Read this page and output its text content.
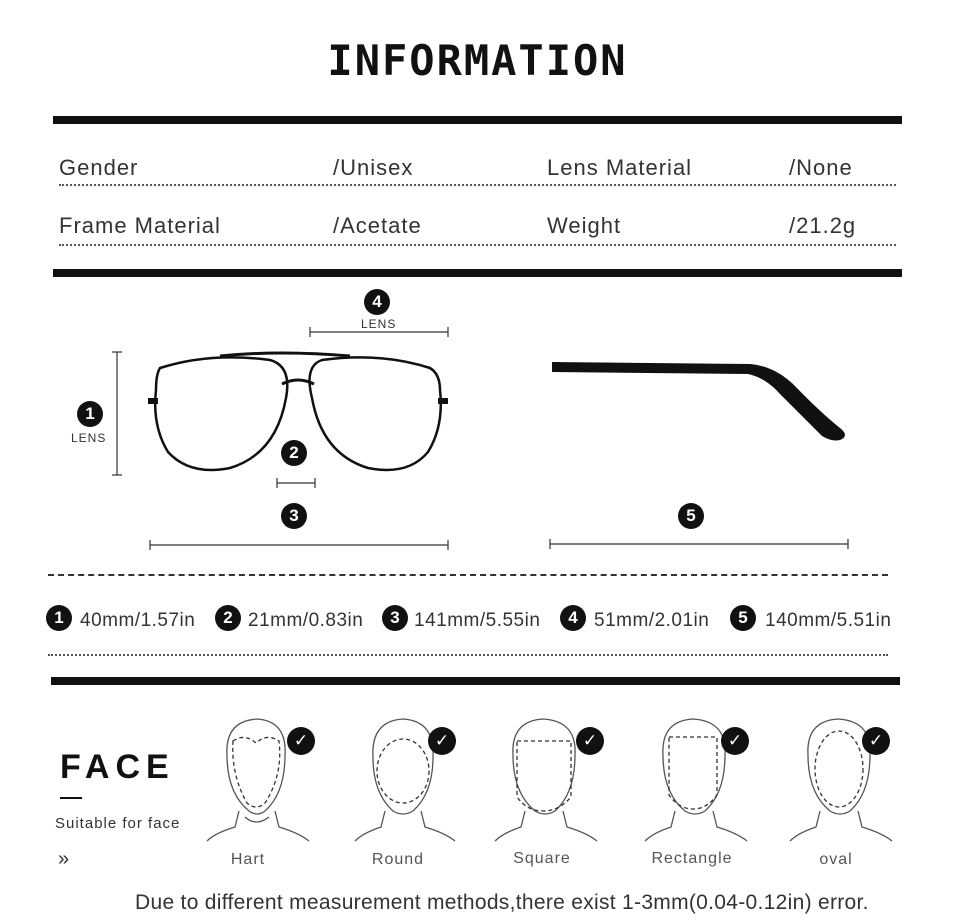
INFORMATION
Gender	/Unisex	Lens Material	/None
Frame Material	/Acetate	Weight	/21.2g
4
LENS
1
LENS
2
3	5
1 40mm/1.57in	2 21mm/0.83in	3 141mm/5.55in	4 51mm/2.01in	5 140mm/5.51in
FACE
Suitable for face
»
✓	✓	✓	✓	✓
Hart	Round	Square	Rectangle	oval
Due to different measurement methods,there exist 1-3mm(0.04-0.12in) error.
